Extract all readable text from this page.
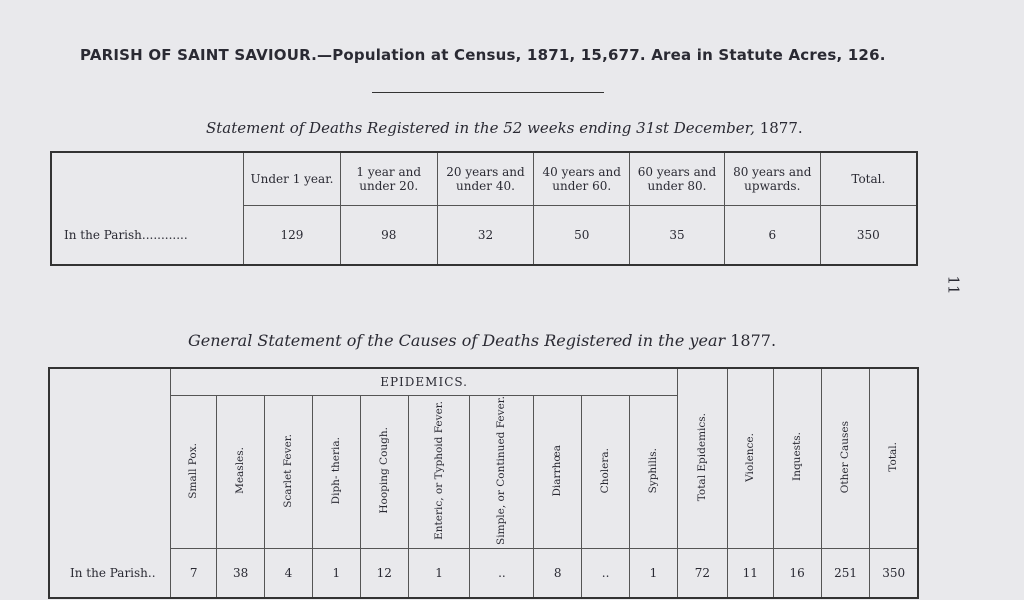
PARISH OF SAINT SAVIOUR.—Population at Census, 1871, 15,677. Area in Statute Acres, 126.
Statement of Deaths Registered in the 52 weeks ending 31st December, 1877.
	Under 1 year.	1 year and under 20.	20 years and under 40.	40 years and under 60.	60 years and under 80.	80 years and upwards.	Total.
In the Parish............	129	98	32	50	35	6	350
General Statement of the Causes of Deaths Registered in the year 1877.
	EPIDEMICS.										Total Epidemics.	Violence.	Inquests.	Other Causes	Total.
	Small Pox.	Measles.	Scarlet Fever.	Diph- theria.	Hooping Cough.	Enteric, or Typhoid Fever.	Simple, or Continued Fever.	Diarrhœa	Cholera.	Syphilis.					
In the Parish..	7	38	4	1	12	1	..	8	..	1	72	11	16	251	350
11
